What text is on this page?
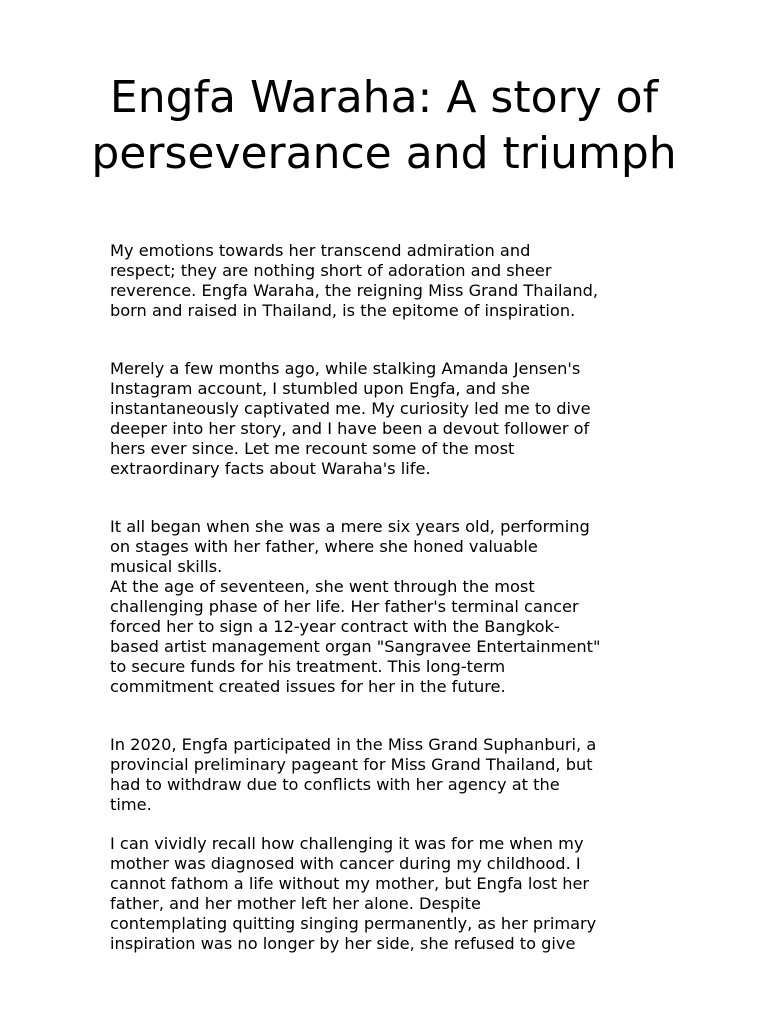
Engfa Waraha: A story of perseverance and triumph

My emotions towards her transcend admiration and
respect; they are nothing short of adoration and sheer
reverence. Engfa Waraha, the reigning Miss Grand Thailand,
born and raised in Thailand, is the epitome of inspiration.

Merely a few months ago, while stalking Amanda Jensen's
Instagram account, I stumbled upon Engfa, and she
instantaneously captivated me. My curiosity led me to dive
deeper into her story, and I have been a devout follower of
hers ever since. Let me recount some of the most
extraordinary facts about Waraha's life.

It all began when she was a mere six years old, performing
on stages with her father, where she honed valuable
musical skills.

At the age of seventeen, she went through the most
challenging phase of her life. Her father's terminal cancer
forced her to sign a 12-year contract with the Bangkok-
based artist management organ "Sangravee Entertainment"
to secure funds for his treatment. This long-term
commitment created issues for her in the future.

In 2020, Engfa participated in the Miss Grand Suphanburi, a
provincial preliminary pageant for Miss Grand Thailand, but
had to withdraw due to conflicts with her agency at the
time.

I can vividly recall how challenging it was for me when my
mother was diagnosed with cancer during my childhood. I
cannot fathom a life without my mother, but Engfa lost her
father, and her mother left her alone. Despite
contemplating quitting singing permanently, as her primary
inspiration was no longer by her side, she refused to give
